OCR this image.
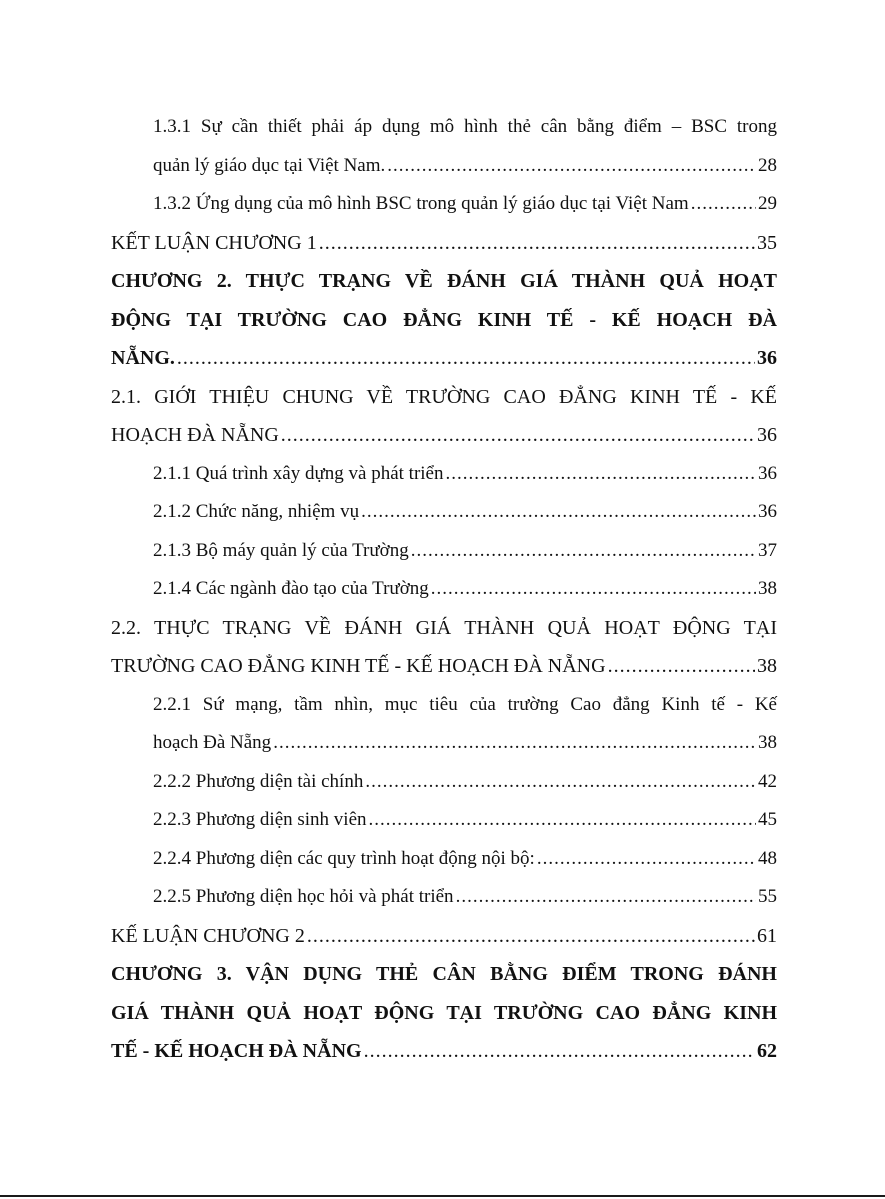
1.3.1 Sự cần thiết phải áp dụng mô hình thẻ cân bằng điểm – BSC trong
quản lý giáo dục tại Việt Nam. .....	28
1.3.2 Ứng dụng của mô hình BSC trong quản lý giáo dục tại Việt Nam .....	29
KẾT LUẬN CHƯƠNG 1 .....	35
CHƯƠNG 2. THỰC TRẠNG VỀ ĐÁNH GIÁ THÀNH QUẢ HOẠT
ĐỘNG TẠI TRƯỜNG CAO ĐẲNG KINH TẾ - KẾ HOẠCH ĐÀ
NẴNG. .....	36
2.1. GIỚI THIỆU CHUNG VỀ TRƯỜNG CAO ĐẲNG KINH TẾ - KẾ
HOẠCH ĐÀ NẴNG .....	36
2.1.1 Quá trình xây dựng và phát triển .....	36
2.1.2 Chức năng, nhiệm vụ .....	36
2.1.3 Bộ máy quản lý của Trường .....	37
2.1.4 Các ngành đào tạo của Trường .....	38
2.2. THỰC TRẠNG VỀ ĐÁNH GIÁ THÀNH QUẢ HOẠT ĐỘNG TẠI
TRƯỜNG CAO ĐẲNG KINH TẾ - KẾ HOẠCH ĐÀ NẴNG .....	38
2.2.1 Sứ mạng, tầm nhìn, mục tiêu của trường Cao đẳng Kinh tế - Kế
hoạch Đà Nẵng .....	38
2.2.2 Phương diện tài chính .....	42
2.2.3 Phương diện sinh viên .....	45
2.2.4 Phương diện các quy trình hoạt động nội bộ: .....	48
2.2.5 Phương diện học hỏi và phát triển .....	55
KẾ LUẬN CHƯƠNG 2 .....	61
CHƯƠNG 3. VẬN DỤNG THẺ CÂN BẰNG ĐIỂM TRONG ĐÁNH
GIÁ THÀNH QUẢ HOẠT ĐỘNG TẠI TRƯỜNG CAO ĐẲNG KINH
TẾ - KẾ HOẠCH ĐÀ NẴNG .....	62
